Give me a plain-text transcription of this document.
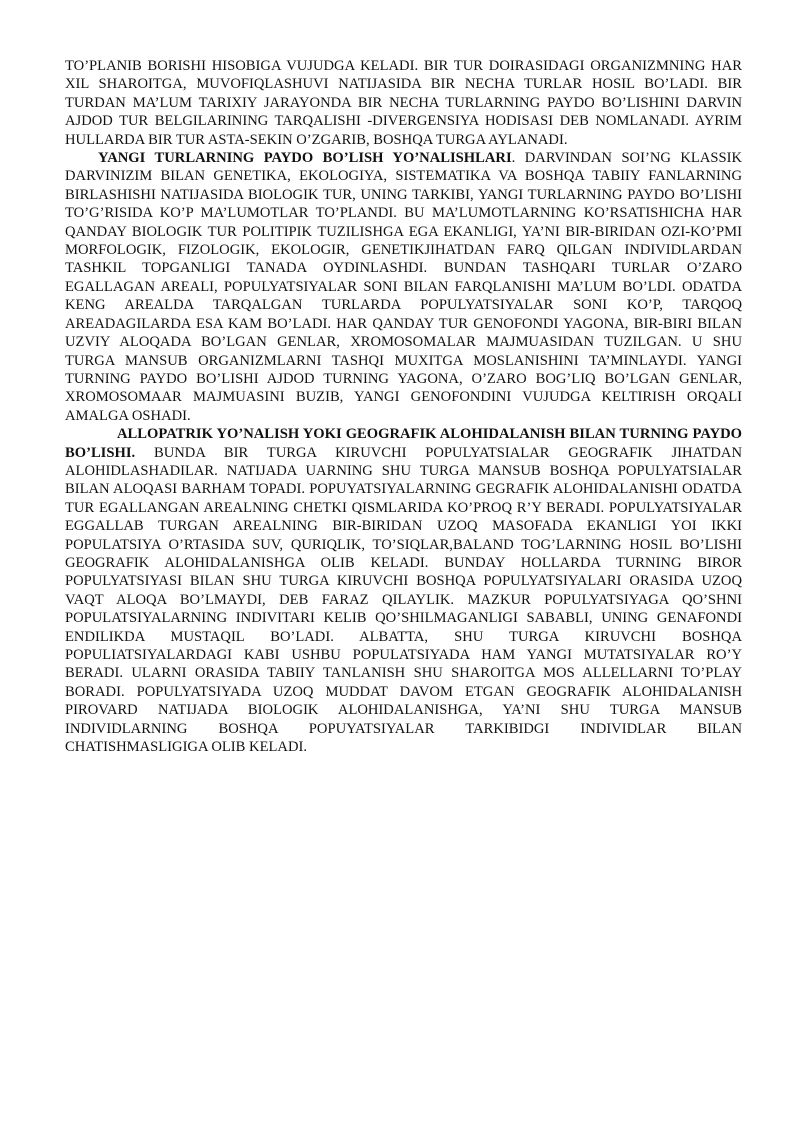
TO’PLANIB BORISHI HISOBIGA VUJUDGA KELADI. BIR TUR DOIRASIDAGI ORGANIZMNING HAR XIL SHAROITGA, MUVOFIQLASHUVI NATIJASIDA BIR NECHA TURLAR HOSIL BO’LADI. BIR TURDAN MA’LUM TARIXIY JARAYONDA BIR NECHA TURLARNING PAYDO BO’LISHINI DARVIN AJDOD TUR BELGILARINING TARQALISHI -DIVERGENSIYA HODISASI DEB NOMLANADI. AYRIM HULLARDA BIR TUR ASTA-SEKIN O’ZGARIB, BOSHQA TURGA AYLANADI.

YANGI TURLARNING PAYDO BO’LISH YO’NALISHLARI. DARVINDAN SOI’NG KLASSIK DARVINIZIM BILAN GENETIKA, EKOLOGIYA, SISTEMATIKA VA BOSHQA TABIIY FANLARNING BIRLASHISHI NATIJASIDA BIOLOGIK TUR, UNING TARKIBI, YANGI TURLARNING PAYDO BO’LISHI TO’G’RISIDA KO’P MA’LUMOTLAR TO’PLANDI. BU MA’LUMOTLARNING KO’RSATISHICHA HAR QANDAY BIOLOGIK TUR POLITIPIK TUZILISHGA EGA EKANLIGI, YA’NI BIR-BIRIDAN OZI-KO’PMI MORFOLOGIK, FIZOLOGIK, EKOLOGIR, GENETIKJIHATDAN FARQ QILGAN INDIVIDLARDAN TASHKIL TOPGANLIGI TANADA OYDINLASHDI. BUNDAN TASHQARI TURLAR O’ZARO EGALLAGAN AREALI, POPULYATSIYALAR SONI BILAN FARQLANISHI MA’LUM BO’LDI. ODATDA KENG AREALDA TARQALGAN TURLARDA POPULYATSIYALAR SONI KO’P, TARQOQ AREADAGILARDA ESA KAM BO’LADI. HAR QANDAY TUR GENOFONDI YAGONA, BIR-BIRI BILAN UZVIY ALOQADA BO’LGAN GENLAR, XROMOSOMALAR MAJMUASIDAN TUZILGAN. U SHU TURGA MANSUB ORGANIZMLARNI TASHQI MUXITGA MOSLANISHINI TA’MINLAYDI. YANGI TURNING PAYDO BO’LISHI AJDOD TURNING YAGONA, O’ZARO BOG’LIQ BO’LGAN GENLAR, XROMOSOMAAR MAJMUASINI BUZIB, YANGI GENOFONDINI VUJUDGA KELTIRISH ORQALI AMALGA OSHADI.

ALLOPATRIK YO’NALISH YOKI GEOGRAFIK ALOHIDALANISH BILAN TURNING PAYDO BO’LISHI. BUNDA BIR TURGA KIRUVCHI POPULYATSIALAR GEOGRAFIK JIHATDAN ALOHIDLASHADILAR. NATIJADA UARNING SHU TURGA MANSUB BOSHQA POPULYATSIALAR BILAN ALOQASI BARHAM TOPADI. POPUYATSIYALARNING GEGRAFIK ALOHIDALANISHI ODATDA TUR EGALLANGAN AREALNING CHETKI QISMLARIDA KO’PROQ R’Y BERADI. POPULYATSIYALAR EGGALLAB TURGAN AREALNING BIR-BIRIDAN UZOQ MASOFADA EKANLIGI YOI IKKI POPULATSIYA O’RTASIDA SUV, QURIQLIK, TO’SIQLAR,BALAND TOG’LARNING HOSIL BO’LISHI GEOGRAFIK ALOHIDALANISHGA OLIB KELADI. BUNDAY HOLLARDA TURNING BIROR POPULYATSIYASI BILAN SHU TURGA KIRUVCHI BOSHQA POPULYATSIYALARI ORASIDA UZOQ VAQT ALOQA BO’LMAYDI, DEB FARAZ QILAYLIK. MAZKUR POPULYATSIYAGA QO’SHNI POPULATSIYALARNING INDIVITARI KELIB QO’SHILMAGANLIGI SABABLI, UNING GENAFONDI ENDILIKDA MUSTAQIL BO’LADI. ALBATTA, SHU TURGA KIRUVCHI BOSHQA POPULIATSIYALARDAGI KABI USHBU POPULATSIYADA HAM YANGI MUTATSIYALAR RO’Y BERADI. ULARNI ORASIDA TABIIY TANLANISH SHU SHAROITGA MOS ALLELLARNI TO’PLAY BORADI. POPULYATSIYADA UZOQ MUDDAT DAVOM ETGAN GEOGRAFIK ALOHIDALANISH PIROVARD NATIJADA BIOLOGIK ALOHIDALANISHGA, YA’NI SHU TURGA MANSUB INDIVIDLARNING BOSHQA POPUYATSIYALAR TARKIBIDGI INDIVIDLAR BILAN CHATISHMASLIGIGA OLIB KELADI.
